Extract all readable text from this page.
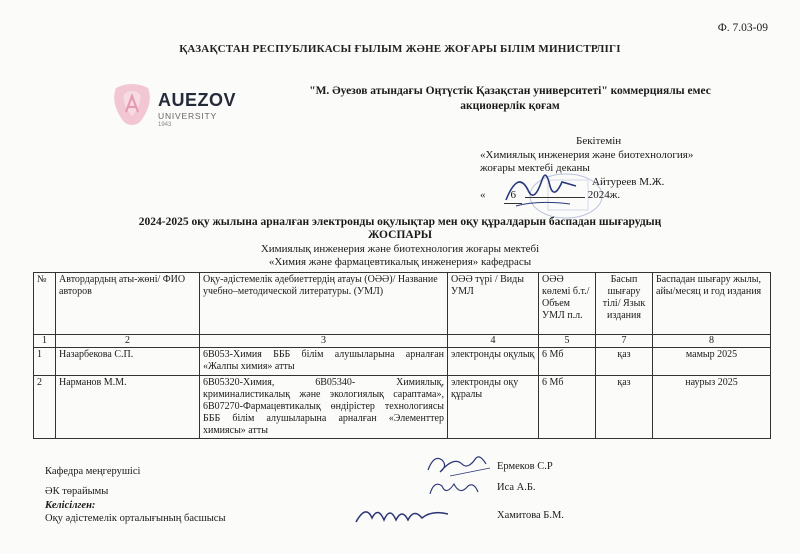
Ф. 7.03-09
ҚАЗАҚСТАН РЕСПУБЛИКАСЫ ҒЫЛЫМ ЖӘНЕ ЖОҒАРЫ БІЛІМ МИНИСТРЛІГІ
AUEZOV
UNIVERSITY
1943
"М. Әуезов атындағы Оңтүстік Қазақстан университеті" коммерциялы емес
акционерлік қоғам
Бекітемін
«Химиялық инженерия және биотехнология»
жоғары мектебі деканы
Айтуреев М.Ж.
« 6	2024ж.
2024-2025 оқу жылына арналған электронды оқулықтар мен оқу құралдарын баспадан шығарудың
ЖОСПАРЫ
Химиялық инженерия және биотехнология жоғары мектебі
«Химия және фармацевтикалық инженерия» кафедрасы
№	Автордардың аты-жөні/ ФИО авторов	Оқу-әдістемелік әдебиеттердің атауы (ОӘӘ)/ Название учебно–методической литературы. (УМЛ)	ОӘӘ түрі / Виды УМЛ	ОӘӘ көлемі б.т./ Объем УМЛ п.л.	Басып шығару тілі/ Язык издания	Баспадан шығару жылы, айы/месяц и год издания
1	2	3	4	5	7	8
1	Назарбекова С.П.	6В053-Химия БББ білім алушыларына арналған «Жалпы химия» атты	электронды оқулық	6 Мб	қаз	мамыр 2025
2	Нарманов М.М.	6В05320-Химия, 6В05340- Химиялық, криминалистикалық және экологиялық сараптама», 6В07270-Фармацевтикалық өндірістер технологиясы БББ білім алушыларына арналған «Элементтер химиясы» атты	электронды оқу құралы	6 Мб	қаз	наурыз 2025
Кафедра меңгерушісі	Ермеков С.Р
ӘК төрайымы	Иса А.Б.
Келісілген:
Оқу әдістемелік орталығының басшысы	Хамитова Б.М.
